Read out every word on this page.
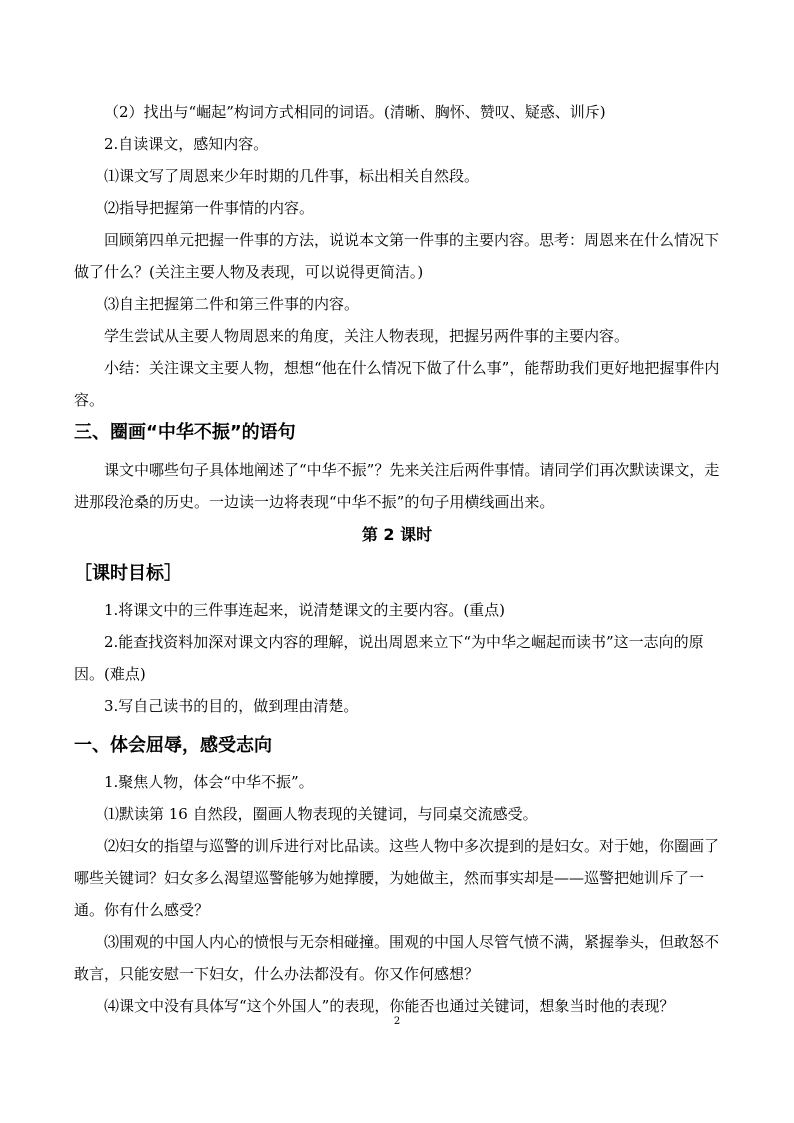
（2）找出与“崛起”构词方式相同的词语。(清晰、胸怀、赞叹、疑惑、训斥)

2.自读课文，感知内容。

⑴课文写了周恩来少年时期的几件事，标出相关自然段。

⑵指导把握第一件事情的内容。

回顾第四单元把握一件事的方法，说说本文第一件事的主要内容。思考：周恩来在什么情况下做了什么？(关注主要人物及表现，可以说得更简洁。)

⑶自主把握第二件和第三件事的内容。

学生尝试从主要人物周恩来的角度，关注人物表现，把握另两件事的主要内容。

小结：关注课文主要人物，想想“他在什么情况下做了什么事”，能帮助我们更好地把握事件内容。

三、圈画“中华不振”的语句

课文中哪些句子具体地阐述了“中华不振”？先来关注后两件事情。请同学们再次默读课文，走进那段沧桑的历史。一边读一边将表现“中华不振”的句子用横线画出来。

第 2 课时
［课时目标］

1.将课文中的三件事连起来，说清楚课文的主要内容。(重点)

2.能查找资料加深对课文内容的理解，说出周恩来立下“为中华之崛起而读书”这一志向的原因。(难点)

3.写自己读书的目的，做到理由清楚。

一、体会屈辱，感受志向

1.聚焦人物，体会“中华不振”。

⑴默读第 16 自然段，圈画人物表现的关键词，与同桌交流感受。

⑵妇女的指望与巡警的训斥进行对比品读。这些人物中多次提到的是妇女。对于她，你圈画了哪些关键词？妇女多么渴望巡警能够为她撑腰，为她做主，然而事实却是——巡警把她训斥了一通。你有什么感受？

⑶围观的中国人内心的愤恨与无奈相碰撞。围观的中国人尽管气愤不满，紧握拳头，但敢怒不敢言，只能安慰一下妇女，什么办法都没有。你又作何感想？

⑷课文中没有具体写“这个外国人”的表现，你能否也通过关键词，想象当时他的表现？

2
